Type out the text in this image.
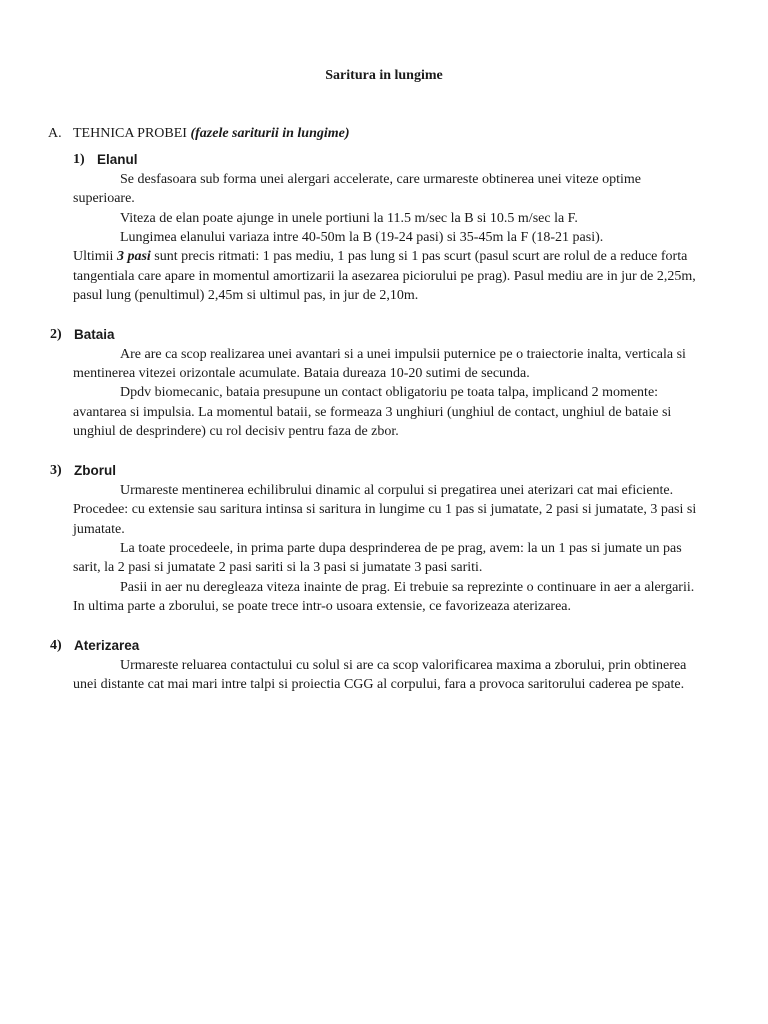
Saritura in lungime
A. TEHNICA PROBEI (fazele sariturii in lungime)
1) Elanul

Se desfasoara sub forma unei alergari accelerate, care urmareste obtinerea unei viteze optime superioare.

Viteza de elan poate ajunge in unele portiuni la 11.5 m/sec la B si 10.5 m/sec la F.

Lungimea elanului variaza intre 40-50m la B (19-24 pasi) si 35-45m la F (18-21 pasi).

Ultimii 3 pasi sunt precis ritmati: 1 pas mediu, 1 pas lung si 1 pas scurt (pasul scurt are rolul de a reduce forta tangentiala care apare in momentul amortizarii la asezarea piciorului pe prag). Pasul mediu are in jur de 2,25m, pasul lung (penultimul) 2,45m si ultimul pas, in jur de 2,10m.

2) Bataia

Are are ca scop realizarea unei avantari si a unei impulsii puternice pe o traiectorie inalta, verticala si mentinerea vitezei orizontale acumulate. Bataia dureaza 10-20 sutimi de secunda.

Dpdv biomecanic, bataia presupune un contact obligatoriu pe toata talpa, implicand 2 momente: avantarea si impulsia. La momentul bataii, se formeaza 3 unghiuri (unghiul de contact, unghiul de bataie si unghiul de desprindere) cu rol decisiv pentru faza de zbor.

3) Zborul

Urmareste mentinerea echilibrului dinamic al corpului si pregatirea unei aterizari cat mai eficiente. Procedee: cu extensie sau saritura intinsa si saritura in lungime cu 1 pas si jumatate, 2 pasi si jumatate, 3 pasi si jumatate.

La toate procedeele, in prima parte dupa desprinderea de pe prag, avem: la un 1 pas si jumate un pas sarit, la 2 pasi si jumatate 2 pasi sariti si la 3 pasi si jumatate 3 pasi sariti.

Pasii in aer nu deregleaza viteza inainte de prag. Ei trebuie sa reprezinte o continuare in aer a alergarii. In ultima parte a zborului, se poate trece intr-o usoara extensie, ce favorizeaza aterizarea.

4) Aterizarea

Urmareste reluarea contactului cu solul si are ca scop valorificarea maxima a zborului, prin obtinerea unei distante cat mai mari intre talpi si proiectia CGG al corpului, fara a provoca saritorului caderea pe spate.
